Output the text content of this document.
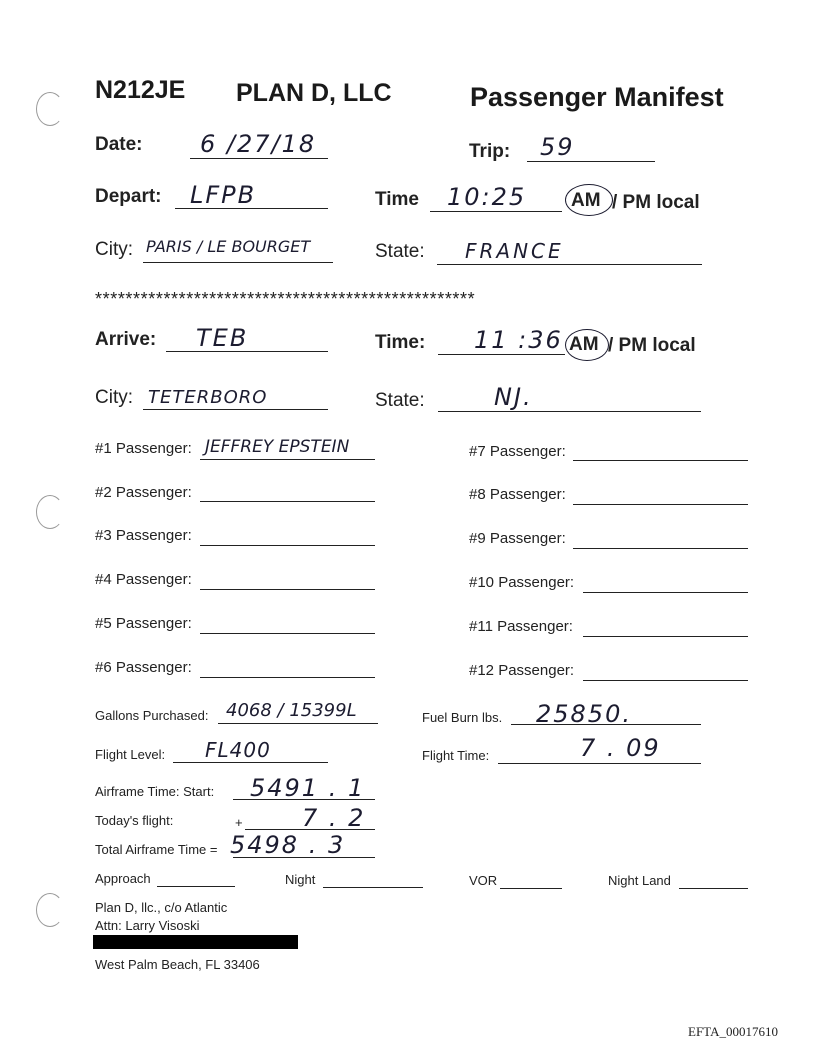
N212JE PLAN D, LLC	Passenger Manifest
Date: 6 /27/18	Trip: 59
Depart: LFPB	Time 10:25 AM / PM local
City: PARIS / LE BOURGET	State: FRANCE
**************************************************
Arrive: TEB	Time: 11 :36 AM / PM local
City: TETERBORO	State:	NJ.
#1 Passenger: JEFFREY EPSTEIN
#2 Passenger:
#3 Passenger:
#4 Passenger:
#5 Passenger:
#6 Passenger:
#7 Passenger:
#8 Passenger:
#9 Passenger:
#10 Passenger:
#11 Passenger:
#12 Passenger:
Gallons Purchased: 4068 / 15399L	Fuel Burn lbs. 25850.
Flight Level: FL400	Flight Time:	7 . 09
Airframe Time: Start: 5491 . 1
Today's flight:	+ 7 . 2
Total Airframe Time = 5498 . 3
Approach	Night	VOR	Night Land
Plan D, llc., c/o Atlantic
Attn: Larry Visoski
West Palm Beach, FL 33406
EFTA_00017610
